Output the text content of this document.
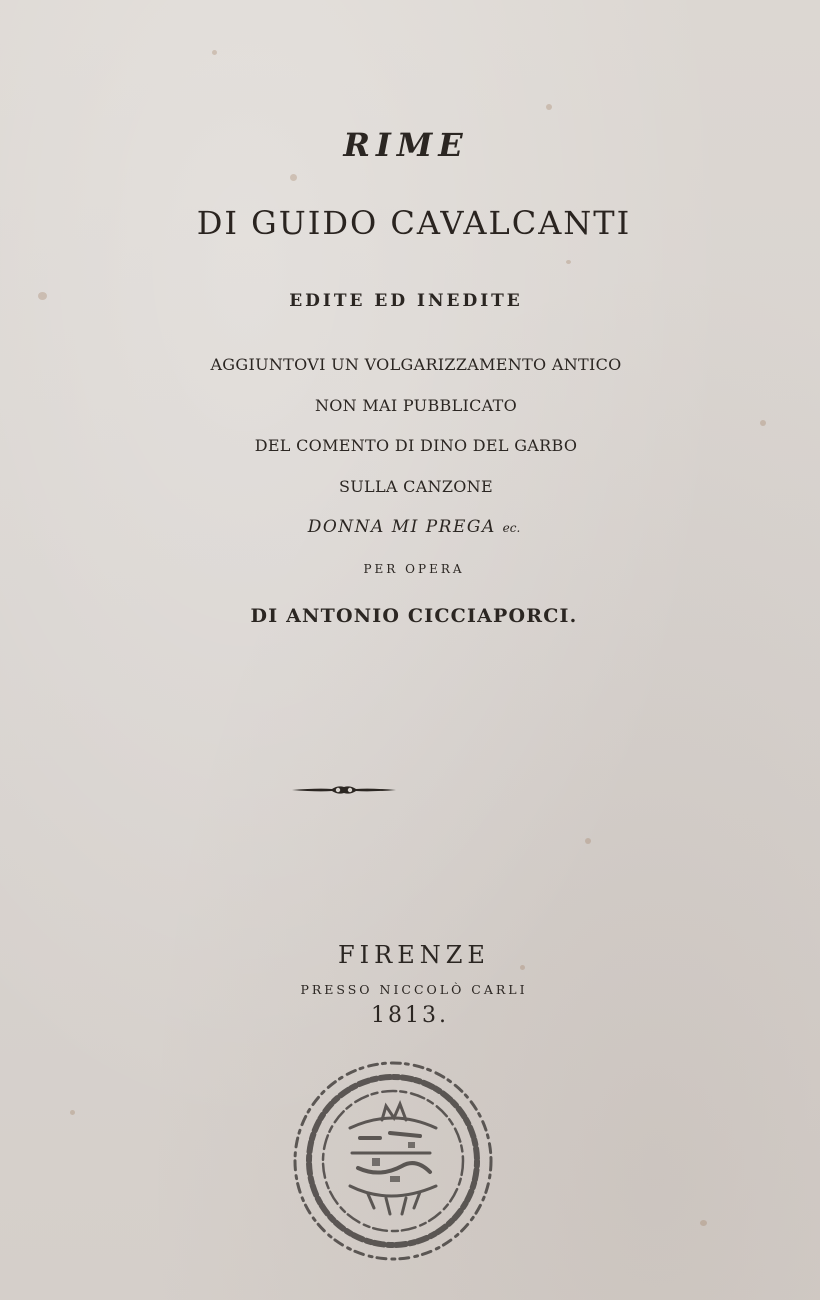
RIME
DI GUIDO CAVALCANTI
EDITE ED INEDITE
AGGIUNTOVI UN VOLGARIZZAMENTO ANTICO
NON MAI PUBBLICATO
DEL COMENTO DI DINO DEL GARBO
SULLA CANZONE
DONNA MI PREGA ec.
PER OPERA
DI ANTONIO CICCIAPORCI.
FIRENZE
PRESSO NICCOLÒ CARLI
1813.
